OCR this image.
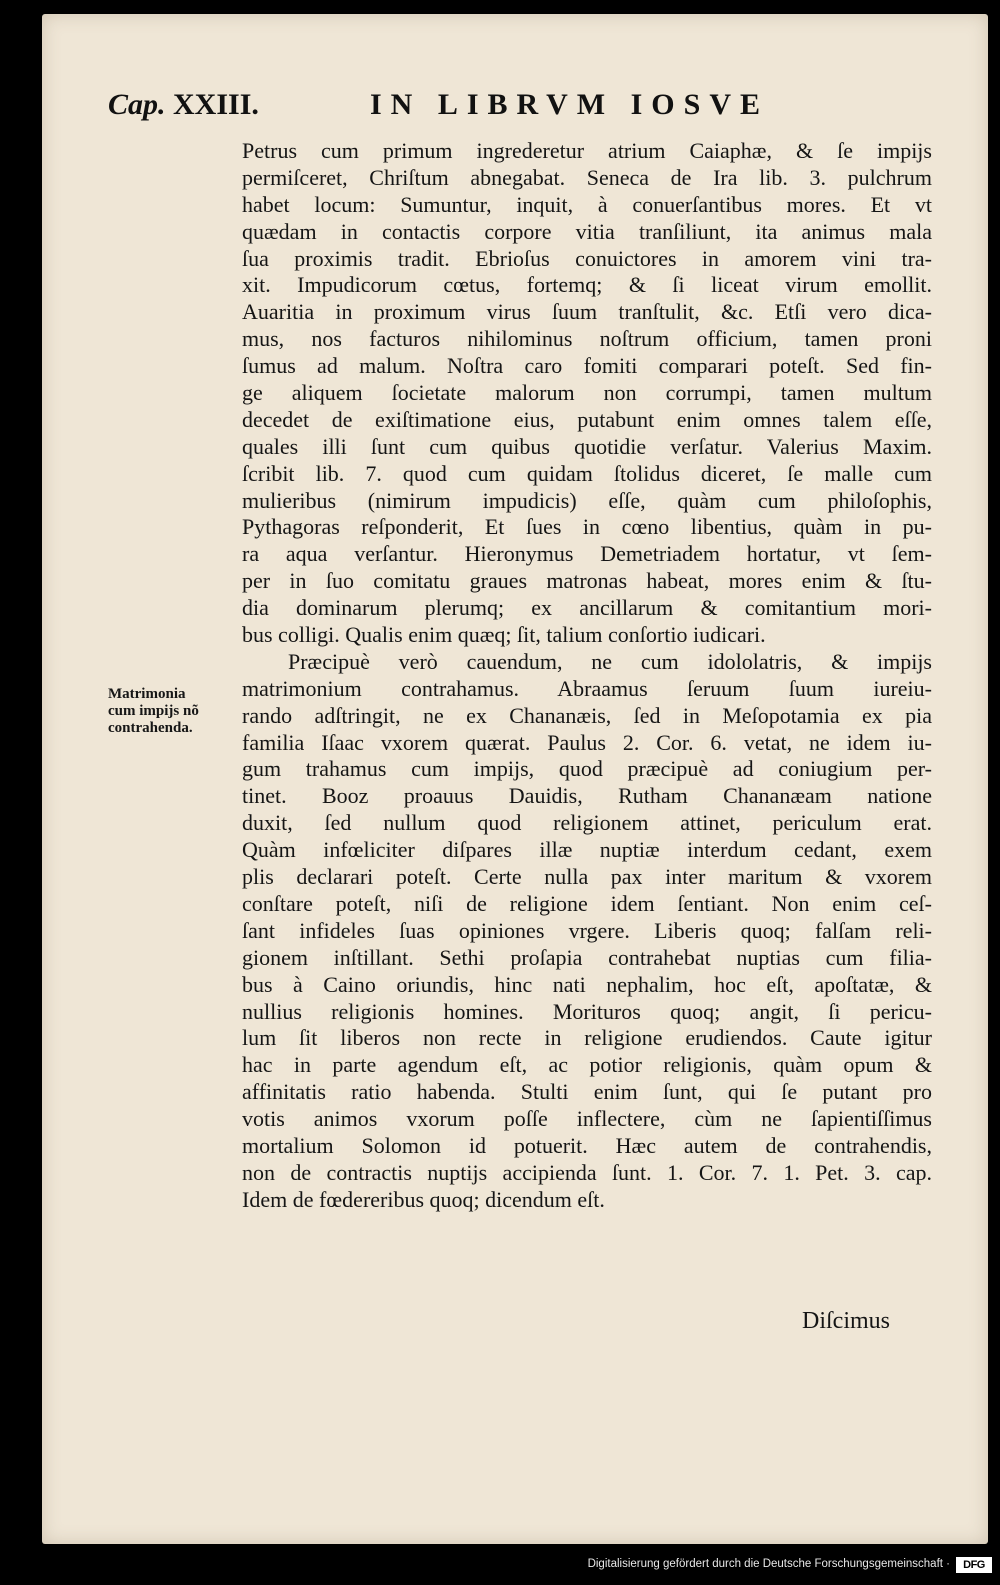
Cap. XXIII.	IN LIBRVM IOSVE
Matrimonia
cum impijs nõ
contrahenda.
Petrus cum primum ingrederetur atrium Caiaphæ, & ſe impijs
permiſceret, Chriſtum abnegabat. Seneca de Ira lib. 3. pulchrum
habet locum: Sumuntur, inquit, à conuerſantibus mores. Et vt
quædam in contactis corpore vitia tranſiliunt, ita animus mala
ſua proximis tradit. Ebrioſus conuictores in amorem vini tra-
xit. Impudicorum cœtus, fortemq; & ſi liceat virum emollit.
Auaritia in proximum virus ſuum tranſtulit, &c. Etſi vero dica-
mus, nos facturos nihilominus noſtrum officium, tamen proni
ſumus ad malum. Noſtra caro fomiti comparari poteſt. Sed fin-
ge aliquem ſocietate malorum non corrumpi, tamen multum
decedet de exiſtimatione eius, putabunt enim omnes talem eſſe,
quales illi ſunt cum quibus quotidie verſatur. Valerius Maxim.
ſcribit lib. 7. quod cum quidam ſtolidus diceret, ſe malle cum
mulieribus (nimirum impudicis) eſſe, quàm cum philoſophis,
Pythagoras reſponderit, Et ſues in cœno libentius, quàm in pu-
ra aqua verſantur. Hieronymus Demetriadem hortatur, vt ſem-
per in ſuo comitatu graues matronas habeat, mores enim & ſtu-
dia dominarum plerumq; ex ancillarum & comitantium mori-
bus colligi. Qualis enim quæq; ſit, talium conſortio iudicari.
Præcipuè verò cauendum, ne cum idololatris, & impijs
matrimonium contrahamus. Abraamus ſeruum ſuum iureiu-
rando adſtringit, ne ex Chananæis, ſed in Meſopotamia ex pia
familia Iſaac vxorem quærat. Paulus 2. Cor. 6. vetat, ne idem iu-
gum trahamus cum impijs, quod præcipuè ad coniugium per-
tinet. Booz proauus Dauidis, Rutham Chananæam natione
duxit, ſed nullum quod religionem attinet, periculum erat.
Quàm infœliciter diſpares illæ nuptiæ interdum cedant, exem
plis declarari poteſt. Certe nulla pax inter maritum & vxorem
conſtare poteſt, niſi de religione idem ſentiant. Non enim ceſ-
ſant infideles ſuas opiniones vrgere. Liberis quoq; falſam reli-
gionem inſtillant. Sethi proſapia contrahebat nuptias cum filia-
bus à Caino oriundis, hinc nati nephalim, hoc eſt, apoſtatæ, &
nullius religionis homines. Morituros quoq; angit, ſi pericu-
lum ſit liberos non recte in religione erudiendos. Caute igitur
hac in parte agendum eſt, ac potior religionis, quàm opum &
affinitatis ratio habenda. Stulti enim ſunt, qui ſe putant pro
votis animos vxorum poſſe inflectere, cùm ne ſapientiſſimus
mortalium Solomon id potuerit. Hæc autem de contrahendis,
non de contractis nuptijs accipienda ſunt. 1. Cor. 7. 1. Pet. 3. cap.
Idem de fœdereribus quoq; dicendum eſt.
Diſcimus
Digitalisierung gefördert durch die Deutsche Forschungsgemeinschaft ·	DFG
